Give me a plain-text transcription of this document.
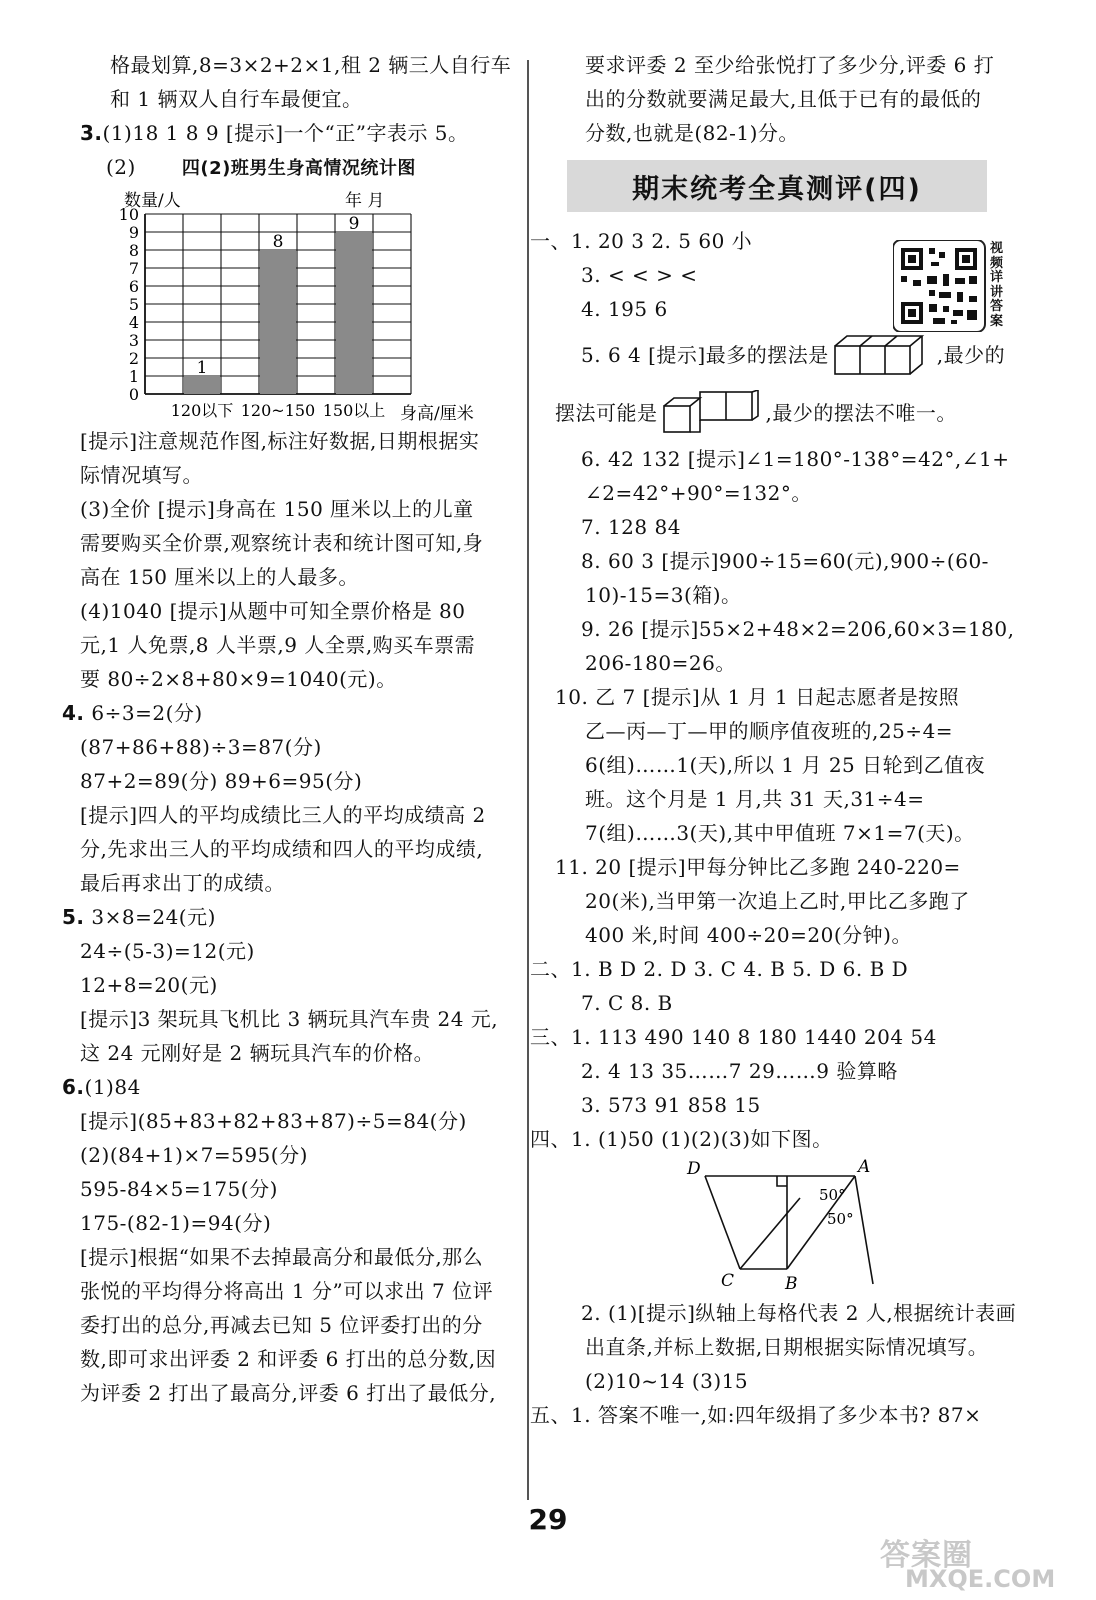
格最划算,8=3×2+2×1,租 2 辆三人自行车
和 1 辆双人自行车最便宜。
3.(1)18 1 8 9 [提示]一个“正”字表示 5。
(2)	四(2)班男生身高情况统计图
0
1
2
3
4
5
6
7
8
9
10
1
120以下
8
120~150
9
150以上
数量/人	年 月
身高/厘米
[提示]注意规范作图,标注好数据,日期根据实
际情况填写。
(3)全价 [提示]身高在 150 厘米以上的儿童
需要购买全价票,观察统计表和统计图可知,身
高在 150 厘米以上的人最多。
(4)1040 [提示]从题中可知全票价格是 80
元,1 人免票,8 人半票,9 人全票,购买车票需
要 80÷2×8+80×9=1040(元)。
4. 6÷3=2(分)
(87+86+88)÷3=87(分)
87+2=89(分) 89+6=95(分)
[提示]四人的平均成绩比三人的平均成绩高 2
分,先求出三人的平均成绩和四人的平均成绩,
最后再求出丁的成绩。
5. 3×8=24(元)
24÷(5-3)=12(元)
12+8=20(元)
[提示]3 架玩具飞机比 3 辆玩具汽车贵 24 元,
这 24 元刚好是 2 辆玩具汽车的价格。
6.(1)84
[提示](85+83+82+83+87)÷5=84(分)
(2)(84+1)×7=595(分)
595-84×5=175(分)
175-(82-1)=94(分)
[提示]根据“如果不去掉最高分和最低分,那么
张悦的平均得分将高出 1 分”可以求出 7 位评
委打出的总分,再减去已知 5 位评委打出的分
数,即可求出评委 2 和评委 6 打出的总分数,因
为评委 2 打出了最高分,评委 6 打出了最低分,
要求评委 2 至少给张悦打了多少分,评委 6 打
出的分数就要满足最大,且低于已有的最低的
分数,也就是(82-1)分。
期末统考全真测评(四)
一、1. 20 3 2. 5 60 小
3. < < > <
4. 195 6
5. 6 4 [提示]最多的摆法是	,最少的
摆法可能是	,最少的摆法不唯一。
6. 42 132 [提示]∠1=180°-138°=42°,∠1+
∠2=42°+90°=132°。
7. 128 84
8. 60 3 [提示]900÷15=60(元),900÷(60-
10)-15=3(箱)。
9. 26 [提示]55×2+48×2=206,60×3=180,
206-180=26。
10. 乙 7 [提示]从 1 月 1 日起志愿者是按照
乙—丙—丁—甲的顺序值夜班的,25÷4=
6(组)……1(天),所以 1 月 25 日轮到乙值夜
班。这个月是 1 月,共 31 天,31÷4=
7(组)……3(天),其中甲值班 7×1=7(天)。
11. 20 [提示]甲每分钟比乙多跑 240-220=
20(米),当甲第一次追上乙时,甲比乙多跑了
400 米,时间 400÷20=20(分钟)。
二、1. B D 2. D 3. C 4. B 5. D 6. B D
7. C 8. B
三、1. 113 490 140 8 180 1440 204 54
2. 4 13 35……7 29……9 验算略
3. 573 91 858 15
四、1. (1)50 (1)(2)(3)如下图。
D	A
C	B
50°
50°
2. (1)[提示]纵轴上每格代表 2 人,根据统计表画
出直条,并标上数据,日期根据实际情况填写。
(2)10~14 (3)15
五、1. 答案不唯一,如:四年级捐了多少本书? 87×
视频详讲答案
29
答案圈
MXQE.COM
